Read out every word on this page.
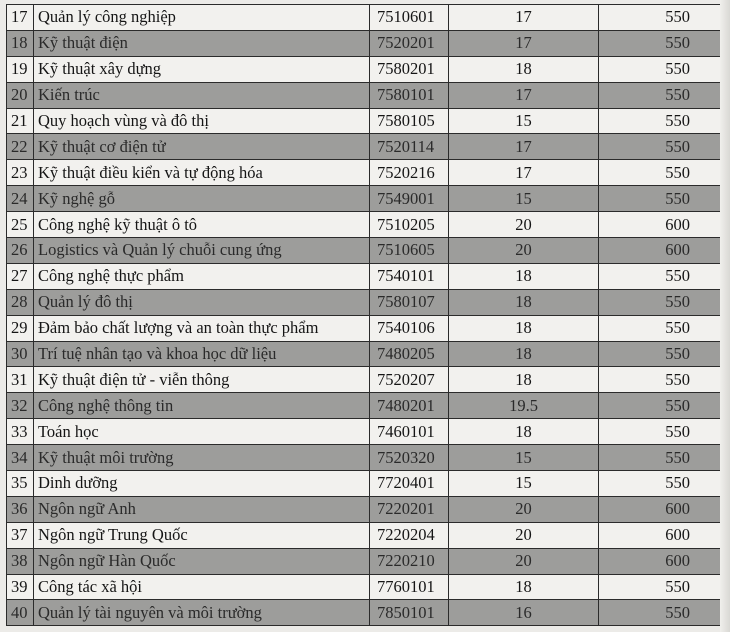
17	Quản lý công nghiệp	7510601	17	550
18	Kỹ thuật điện	7520201	17	550
19	Kỹ thuật xây dựng	7580201	18	550
20	Kiến trúc	7580101	17	550
21	Quy hoạch vùng và đô thị	7580105	15	550
22	Kỹ thuật cơ điện tử	7520114	17	550
23	Kỹ thuật điều kiển và tự động hóa	7520216	17	550
24	Kỹ nghệ gỗ	7549001	15	550
25	Công nghệ kỹ thuật ô tô	7510205	20	600
26	Logistics và Quản lý chuỗi cung ứng	7510605	20	600
27	Công nghệ thực phẩm	7540101	18	550
28	Quản lý đô thị	7580107	18	550
29	Đảm bảo chất lượng và an toàn thực phẩm	7540106	18	550
30	Trí tuệ nhân tạo và khoa học dữ liệu	7480205	18	550
31	Kỹ thuật điện tử - viễn thông	7520207	18	550
32	Công nghệ thông tin	7480201	19.5	550
33	Toán học	7460101	18	550
34	Kỹ thuật môi trường	7520320	15	550
35	Dinh dưỡng	7720401	15	550
36	Ngôn ngữ Anh	7220201	20	600
37	Ngôn ngữ Trung Quốc	7220204	20	600
38	Ngôn ngữ Hàn Quốc	7220210	20	600
39	Công tác xã hội	7760101	18	550
40	Quản lý tài nguyên và môi trường	7850101	16	550
